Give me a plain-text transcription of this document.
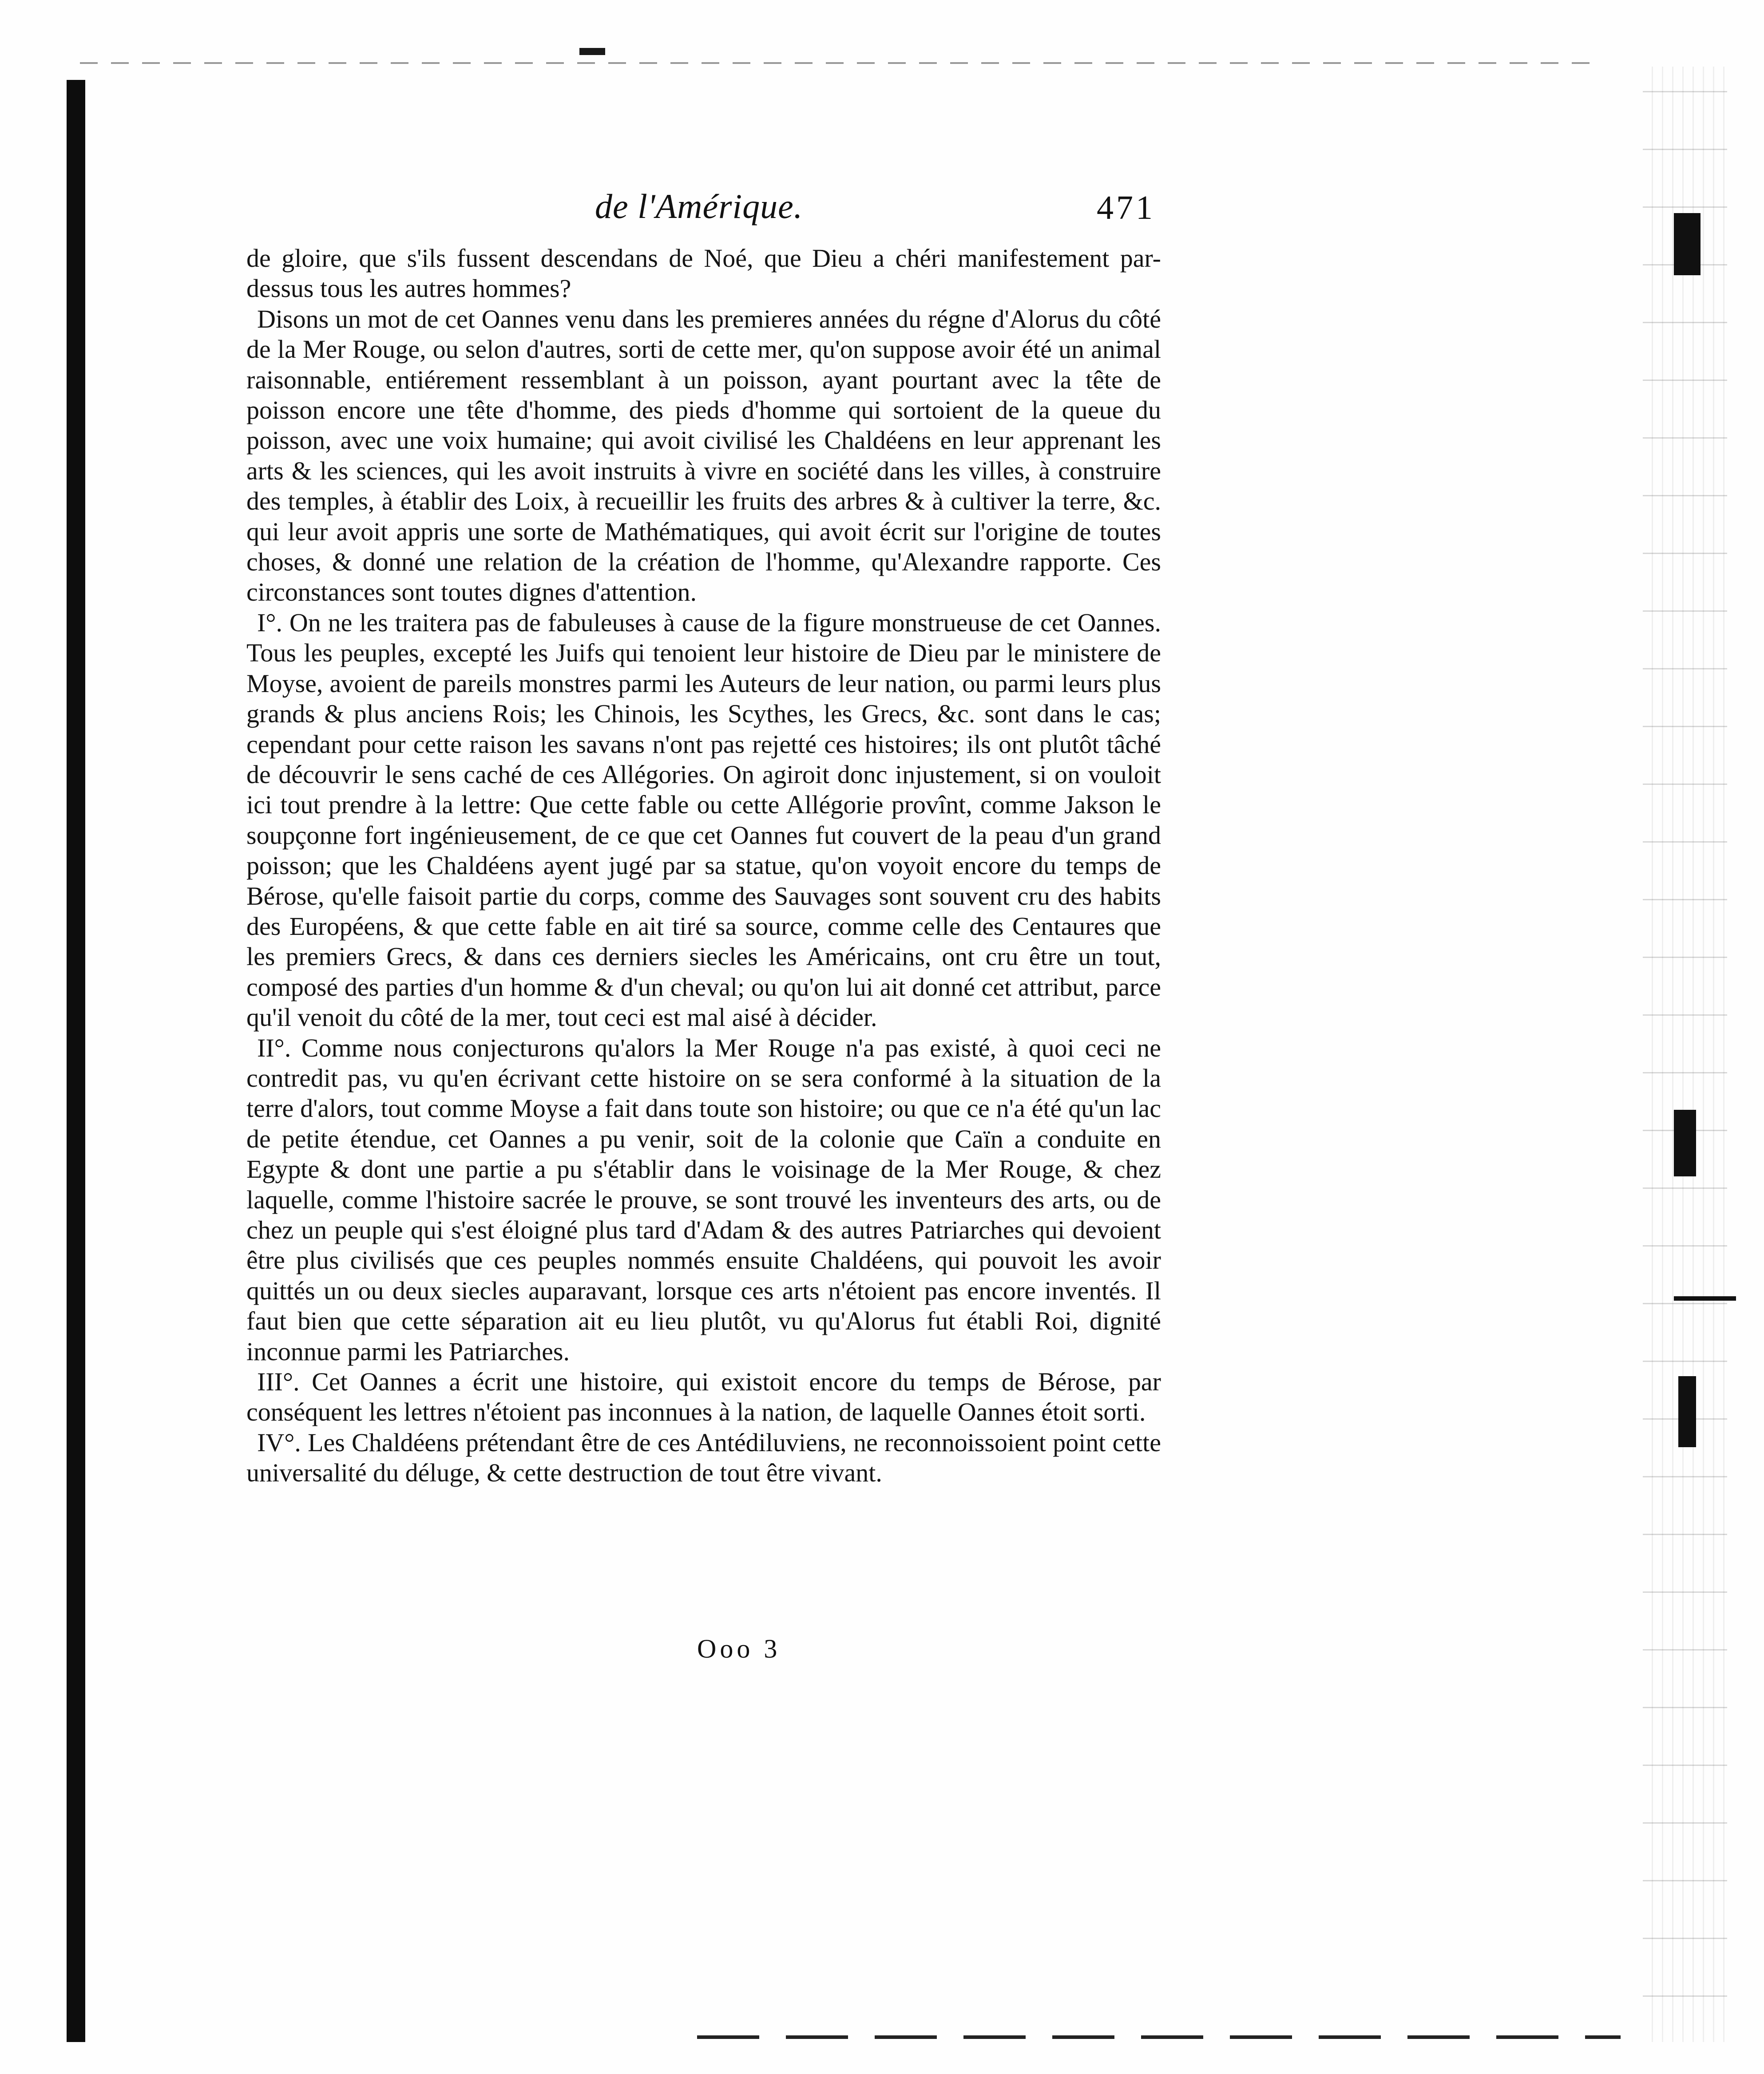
de l'Amérique.	471

de gloire, que s'ils fussent descendans de Noé, que Dieu a chéri manifestement par-dessus tous les autres hommes?

Disons un mot de cet Oannes venu dans les premieres années du régne d'Alorus du côté de la Mer Rouge, ou selon d'autres, sorti de cette mer, qu'on suppose avoir été un animal raisonnable, entiérement ressemblant à un poisson, ayant pourtant avec la tête de poisson encore une tête d'homme, des pieds d'homme qui sortoient de la queue du poisson, avec une voix humaine; qui avoit civilisé les Chaldéens en leur apprenant les arts & les sciences, qui les avoit instruits à vivre en société dans les villes, à construire des temples, à établir des Loix, à recueillir les fruits des arbres & à cultiver la terre, &c. qui leur avoit appris une sorte de Mathématiques, qui avoit écrit sur l'origine de toutes choses, & donné une relation de la création de l'homme, qu'Alexandre rapporte. Ces circonstances sont toutes dignes d'attention.

I°. On ne les traitera pas de fabuleuses à cause de la figure monstrueuse de cet Oannes. Tous les peuples, excepté les Juifs qui tenoient leur histoire de Dieu par le ministere de Moyse, avoient de pareils monstres parmi les Auteurs de leur nation, ou parmi leurs plus grands & plus anciens Rois; les Chinois, les Scythes, les Grecs, &c. sont dans le cas; cependant pour cette raison les savans n'ont pas rejetté ces histoires; ils ont plutôt tâché de découvrir le sens caché de ces Allégories. On agiroit donc injustement, si on vouloit ici tout prendre à la lettre: Que cette fable ou cette Allégorie provînt, comme Jakson le soupçonne fort ingénieusement, de ce que cet Oannes fut couvert de la peau d'un grand poisson; que les Chaldéens ayent jugé par sa statue, qu'on voyoit encore du temps de Bérose, qu'elle faisoit partie du corps, comme des Sauvages sont souvent cru des habits des Européens, & que cette fable en ait tiré sa source, comme celle des Centaures que les premiers Grecs, & dans ces derniers siecles les Américains, ont cru être un tout, composé des parties d'un homme & d'un cheval; ou qu'on lui ait donné cet attribut, parce qu'il venoit du côté de la mer, tout ceci est mal aisé à décider.

II°. Comme nous conjecturons qu'alors la Mer Rouge n'a pas existé, à quoi ceci ne contredit pas, vu qu'en écrivant cette histoire on se sera conformé à la situation de la terre d'alors, tout comme Moyse a fait dans toute son histoire; ou que ce n'a été qu'un lac de petite étendue, cet Oannes a pu venir, soit de la colonie que Caïn a conduite en Egypte & dont une partie a pu s'établir dans le voisinage de la Mer Rouge, & chez laquelle, comme l'histoire sacrée le prouve, se sont trouvé les inventeurs des arts, ou de chez un peuple qui s'est éloigné plus tard d'Adam & des autres Patriarches qui devoient être plus civilisés que ces peuples nommés ensuite Chaldéens, qui pouvoit les avoir quittés un ou deux siecles auparavant, lorsque ces arts n'étoient pas encore inventés. Il faut bien que cette séparation ait eu lieu plutôt, vu qu'Alorus fut établi Roi, dignité inconnue parmi les Patriarches.

III°. Cet Oannes a écrit une histoire, qui existoit encore du temps de Bérose, par conséquent les lettres n'étoient pas inconnues à la nation, de laquelle Oannes étoit sorti.

IV°. Les Chaldéens prétendant être de ces Antédiluviens, ne reconnoissoient point cette universalité du déluge, & cette destruction de tout être vivant.

Ooo 3
